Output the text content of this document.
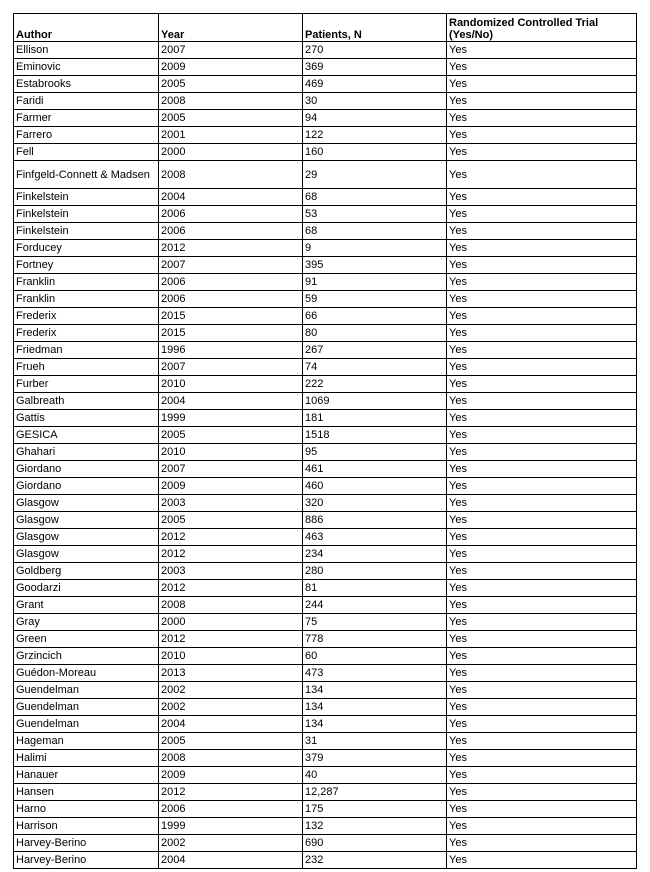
Author	Year	Patients, N	Randomized Controlled Trial (Yes/No)
Ellison	2007	270	Yes
Eminovic	2009	369	Yes
Estabrooks	2005	469	Yes
Faridi	2008	30	Yes
Farmer	2005	94	Yes
Farrero	2001	122	Yes
Fell	2000	160	Yes
Finfgeld-Connett & Madsen	2008	29	Yes
Finkelstein	2004	68	Yes
Finkelstein	2006	53	Yes
Finkelstein	2006	68	Yes
Forducey	2012	9	Yes
Fortney	2007	395	Yes
Franklin	2006	91	Yes
Franklin	2006	59	Yes
Frederix	2015	66	Yes
Frederix	2015	80	Yes
Friedman	1996	267	Yes
Frueh	2007	74	Yes
Furber	2010	222	Yes
Galbreath	2004	1069	Yes
Gattis	1999	181	Yes
GESICA	2005	1518	Yes
Ghahari	2010	95	Yes
Giordano	2007	461	Yes
Giordano	2009	460	Yes
Glasgow	2003	320	Yes
Glasgow	2005	886	Yes
Glasgow	2012	463	Yes
Glasgow	2012	234	Yes
Goldberg	2003	280	Yes
Goodarzi	2012	81	Yes
Grant	2008	244	Yes
Gray	2000	75	Yes
Green	2012	778	Yes
Grzincich	2010	60	Yes
Guédon-Moreau	2013	473	Yes
Guendelman	2002	134	Yes
Guendelman	2002	134	Yes
Guendelman	2004	134	Yes
Hageman	2005	31	Yes
Halimi	2008	379	Yes
Hanauer	2009	40	Yes
Hansen	2012	12,287	Yes
Harno	2006	175	Yes
Harrison	1999	132	Yes
Harvey-Berino	2002	690	Yes
Harvey-Berino	2004	232	Yes
